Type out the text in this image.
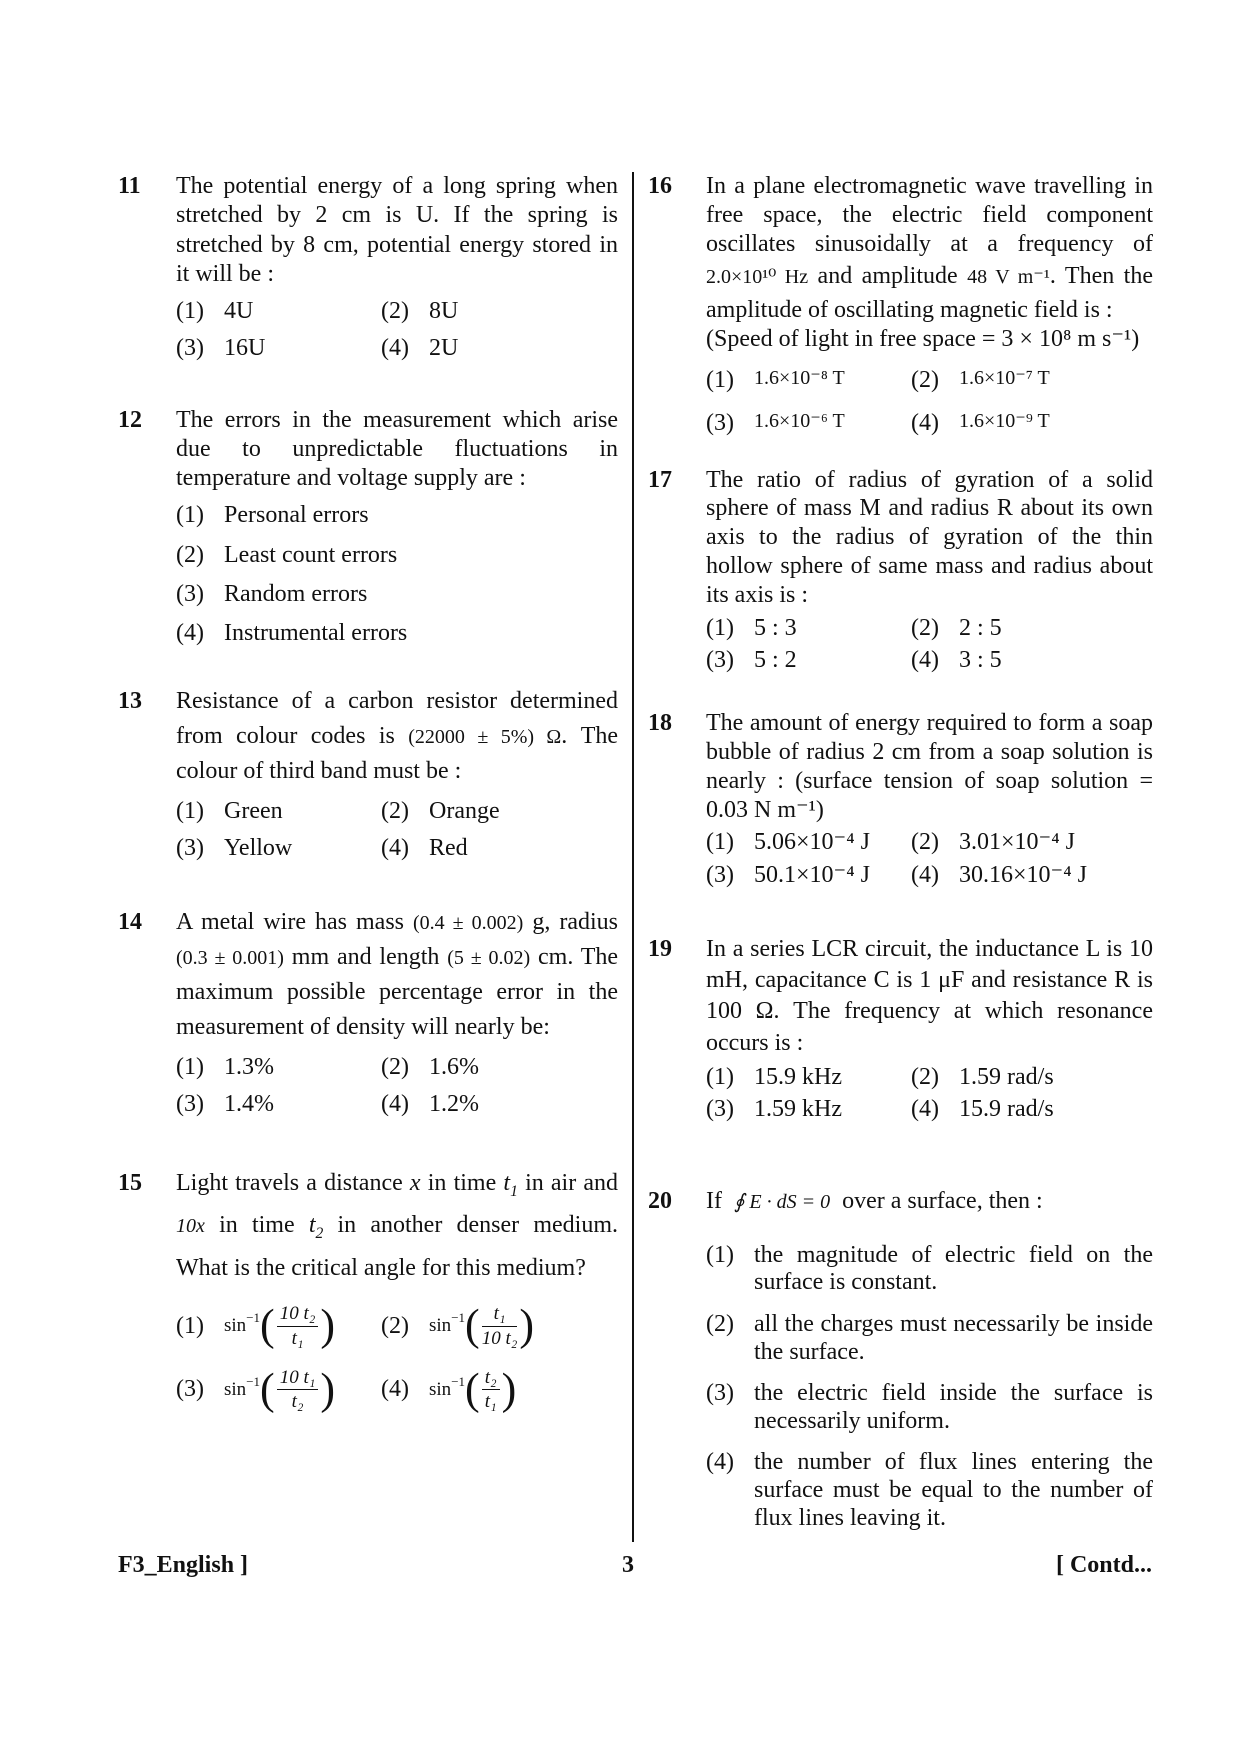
11 The potential energy of a long spring when stretched by 2 cm is U. If the spring is stretched by 8 cm, potential energy stored in it will be :
(1) 4U	(2) 8U
(3) 16U	(4) 2U
12 The errors in the measurement which arise due to unpredictable fluctuations in temperature and voltage supply are :
(1) Personal errors
(2) Least count errors
(3) Random errors
(4) Instrumental errors
13 Resistance of a carbon resistor determined from colour codes is (22000 ± 5%) Ω. The colour of third band must be :
(1) Green	(2) Orange
(3) Yellow	(4) Red
14 A metal wire has mass (0.4 ± 0.002) g, radius (0.3 ± 0.001) mm and length (5 ± 0.02) cm. The maximum possible percentage error in the measurement of density will nearly be:
(1) 1.3%	(2) 1.6%
(3) 1.4%	(4) 1.2%
15 Light travels a distance x in time $t_1$ in air and 10x in time $t_2$ in another denser medium. What is the critical angle for this medium?
(1)	$\sin^{-1}( \frac{\text{10 t₂}}{\text{t₁}}$ )	(2)	$\sin^{-1}( \frac{\text{t₁}}{\text{10 t₂}}$ )
(3)	$\sin^{-1}( \frac{\text{10 t₁}}{\text{t₂}}$ )	(4)	$\sin^{-1}( \frac{\text{t₂}}{\text{t₁}}$ )
16 In a plane electromagnetic wave travelling in free space, the electric field component oscillates sinusoidally at a frequency of 2.0×10¹⁰ Hz and amplitude 48 V m⁻¹. Then the amplitude of oscillating magnetic field is :
(Speed of light in free space = 3 × 10⁸ m s⁻¹)
(1)	1.6×10⁻⁸ T	(2)	1.6×10⁻⁷ T
(3)	1.6×10⁻⁶ T	(4)	1.6×10⁻⁹ T
17 The ratio of radius of gyration of a solid sphere of mass M and radius R about its own axis to the radius of gyration of the thin hollow sphere of same mass and radius about its axis is :
(1) 5 : 3	(2) 2 : 5
(3) 5 : 2	(4) 3 : 5
18 The amount of energy required to form a soap bubble of radius 2 cm from a soap solution is nearly : (surface tension of soap solution = 0.03 N m⁻¹)
(1) 5.06×10⁻⁴ J	(2) 3.01×10⁻⁴ J
(3) 50.1×10⁻⁴ J	(4) 30.16×10⁻⁴ J
19 In a series LCR circuit, the inductance L is 10 mH, capacitance C is 1 μF and resistance R is 100 Ω. The frequency at which resonance occurs is :
(1) 15.9 kHz	(2) 1.59 rad/s
(3) 1.59 kHz	(4) 15.9 rad/s
20 If ∮ E · dS = 0 over a surface, then :
(1) the magnitude of electric field on the surface is constant.
(2) all the charges must necessarily be inside the surface.
(3) the electric field inside the surface is necessarily uniform.
(4) the number of flux lines entering the surface must be equal to the number of flux lines leaving it.
F3_English ]	3	[ Contd...
